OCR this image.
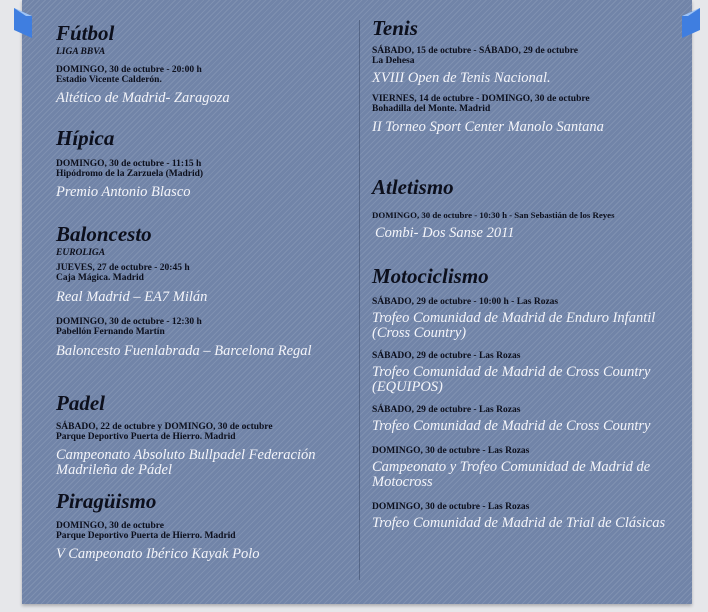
Fútbol
LIGA BBVA
DOMINGO, 30 de octubre - 20:00 h
Estadio Vicente Calderón.
Altético de Madrid- Zaragoza
Hípica
DOMINGO, 30 de octubre - 11:15 h
Hipódromo de la Zarzuela (Madrid)
Premio Antonio Blasco
Baloncesto
EUROLIGA
JUEVES, 27 de octubre - 20:45 h
Caja Mágica. Madrid
Real Madrid – EA7 Milán
DOMINGO, 30 de octubre - 12:30 h
Pabellón Fernando Martín
Baloncesto Fuenlabrada – Barcelona Regal
Padel
SÁBADO, 22 de octubre y DOMINGO, 30 de octubre
Parque Deportivo Puerta de Hierro. Madrid
Campeonato Absoluto Bullpadel Federación Madrileña de Pádel
Piragüismo
DOMINGO, 30 de octubre
Parque Deportivo Puerta de Hierro. Madrid
V Campeonato Ibérico Kayak Polo
Tenis
SÁBADO, 15 de octubre - SÁBADO, 29 de octubre
La Dehesa
XVIII Open de Tenis Nacional.
VIERNES, 14 de octubre - DOMINGO, 30 de octubre
Bohadilla del Monte. Madrid
II Torneo Sport Center Manolo Santana
Atletismo
DOMINGO, 30 de octubre - 10:30 h - San Sebastián de los Reyes
Combi- Dos Sanse 2011
Motociclismo
SÁBADO, 29 de octubre - 10:00 h - Las Rozas
Trofeo Comunidad de Madrid de Enduro Infantil (Cross Country)
SÁBADO, 29 de octubre - Las Rozas
Trofeo Comunidad de Madrid de Cross Country (EQUIPOS)
SÁBADO, 29 de octubre - Las Rozas
Trofeo Comunidad de Madrid de Cross Country
DOMINGO, 30 de octubre - Las Rozas
Campeonato y Trofeo Comunidad de Madrid de Motocross
DOMINGO, 30 de octubre - Las Rozas
Trofeo Comunidad de Madrid de Trial de Clásicas
